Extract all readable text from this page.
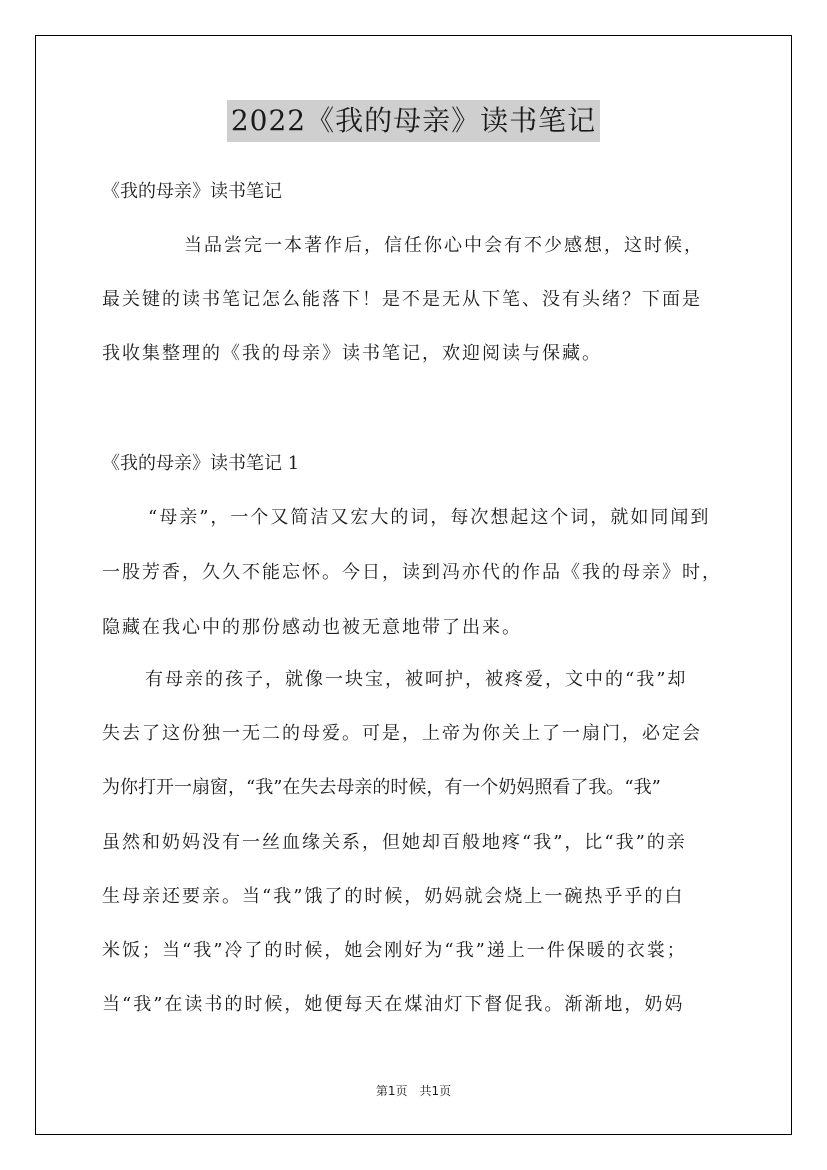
2022《我的母亲》读书笔记
《我的母亲》读书笔记
当品尝完一本著作后，信任你心中会有不少感想，这时候，
最关键的读书笔记怎么能落下！是不是无从下笔、没有头绪？下面是
我收集整理的《我的母亲》读书笔记，欢迎阅读与保藏。
《我的母亲》读书笔记 1
“母亲”，一个又简洁又宏大的词，每次想起这个词，就如同闻到
一股芳香，久久不能忘怀。今日，读到冯亦代的作品《我的母亲》时，
隐藏在我心中的那份感动也被无意地带了出来。
有母亲的孩子，就像一块宝，被呵护，被疼爱，文中的“我”却
失去了这份独一无二的母爱。可是，上帝为你关上了一扇门，必定会
为你打开一扇窗，“我”在失去母亲的时候，有一个奶妈照看了我。“我”
虽然和奶妈没有一丝血缘关系，但她却百般地疼“我”，比“我”的亲
生母亲还要亲。当“我”饿了的时候，奶妈就会烧上一碗热乎乎的白
米饭；当“我”冷了的时候，她会刚好为“我”递上一件保暖的衣裳；
当“我”在读书的时候，她便每天在煤油灯下督促我。渐渐地，奶妈
第1页 共1页
